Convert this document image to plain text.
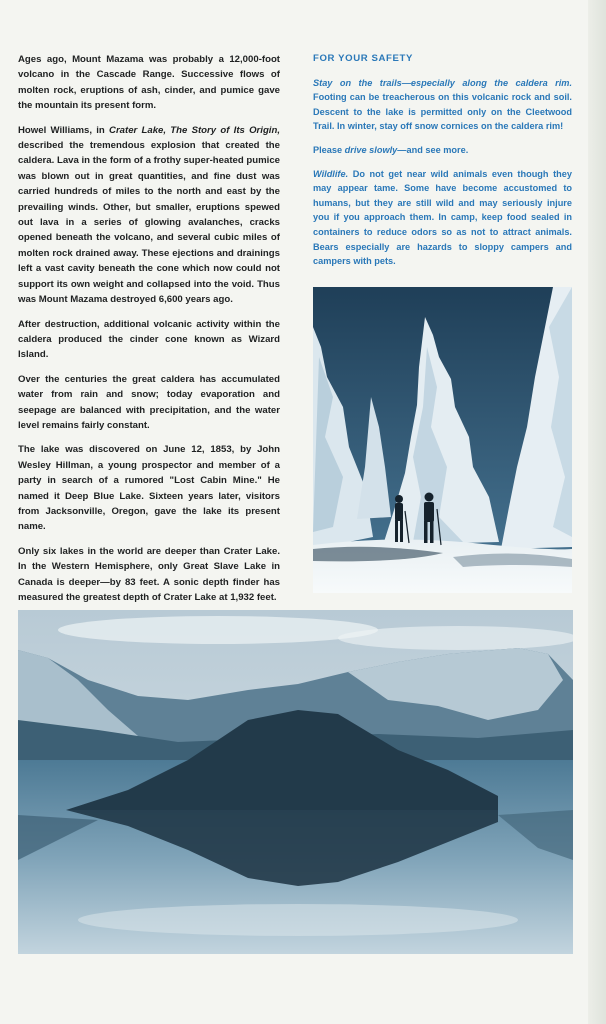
Ages ago, Mount Mazama was probably a 12,000-foot volcano in the Cascade Range. Successive flows of molten rock, eruptions of ash, cinder, and pumice gave the mountain its present form.

Howel Williams, in Crater Lake, The Story of Its Origin, described the tremendous explosion that created the caldera. Lava in the form of a frothy super-heated pumice was blown out in great quantities, and fine dust was carried hundreds of miles to the north and east by the prevailing winds. Other, but smaller, eruptions spewed out lava in a series of glowing avalanches, cracks opened beneath the volcano, and several cubic miles of molten rock drained away. These ejections and drainings left a vast cavity beneath the cone which now could not support its own weight and collapsed into the void. Thus was Mount Mazama destroyed 6,600 years ago.

After destruction, additional volcanic activity within the caldera produced the cinder cone known as Wizard Island.

Over the centuries the great caldera has accumulated water from rain and snow; today evaporation and seepage are balanced with precipitation, and the water level remains fairly constant.

The lake was discovered on June 12, 1853, by John Wesley Hillman, a young prospector and member of a party in search of a rumored "Lost Cabin Mine." He named it Deep Blue Lake. Sixteen years later, visitors from Jacksonville, Oregon, gave the lake its present name.

Only six lakes in the world are deeper than Crater Lake. In the Western Hemisphere, only Great Slave Lake in Canada is deeper—by 83 feet. A sonic depth finder has measured the greatest depth of Crater Lake at 1,932 feet.

FOR YOUR SAFETY

Stay on the trails—especially along the caldera rim. Footing can be treacherous on this volcanic rock and soil. Descent to the lake is permitted only on the Cleetwood Trail. In winter, stay off snow cornices on the caldera rim!

Please drive slowly—and see more.

Wildlife. Do not get near wild animals even though they may appear tame. Some have become accustomed to humans, but they are still wild and may seriously injure you if you approach them. In camp, keep food sealed in containers to reduce odors so as not to attract animals. Bears especially are hazards to sloppy campers and campers with pets.
